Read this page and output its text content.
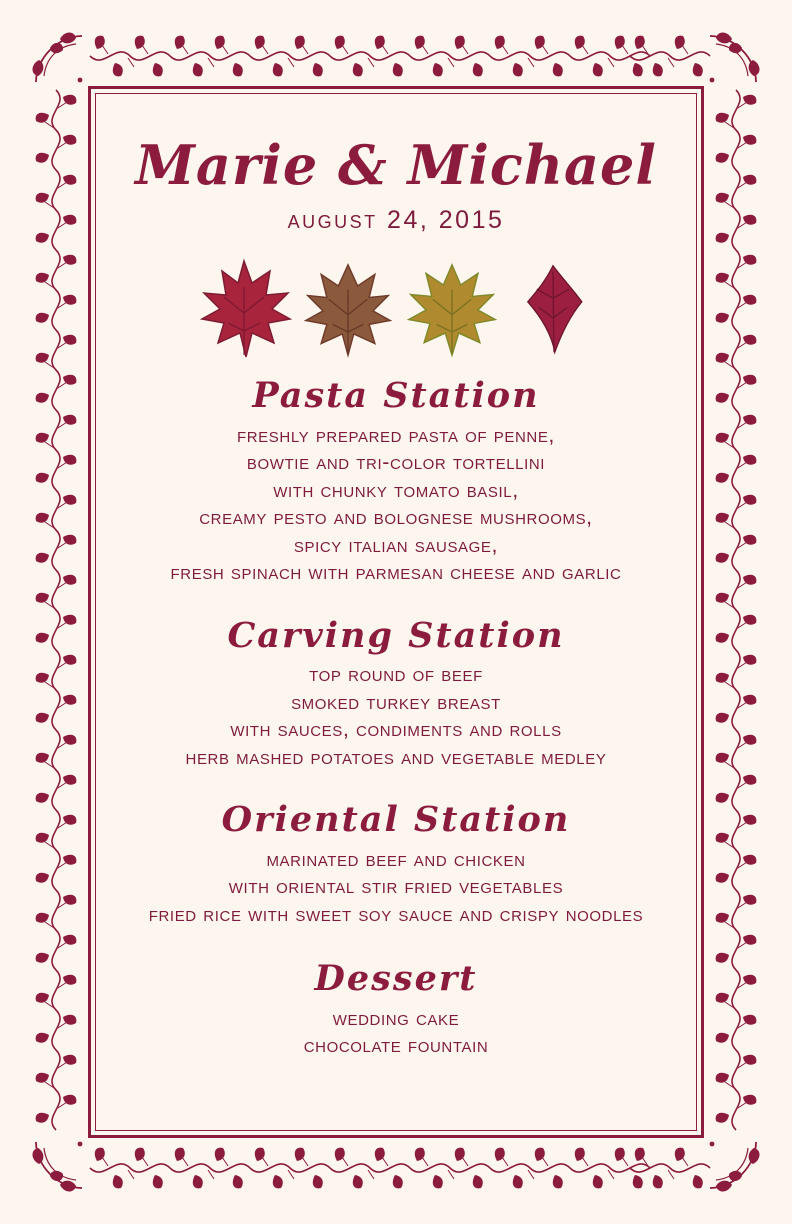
Marie & Michael
august 24, 2015
Pasta Station
freshly prepared pasta of penne,
bowtie and tri-color tortellini
with chunky tomato basil,
creamy pesto and bolognese mushrooms,
spicy italian sausage,
fresh spinach with parmesan cheese and garlic
Carving Station
top round of beef
smoked turkey breast
with sauces, condiments and rolls
herb mashed potatoes and vegetable medley
Oriental Station
marinated beef and chicken
with oriental stir fried vegetables
fried rice with sweet soy sauce and crispy noodles
Dessert
wedding cake
chocolate fountain
